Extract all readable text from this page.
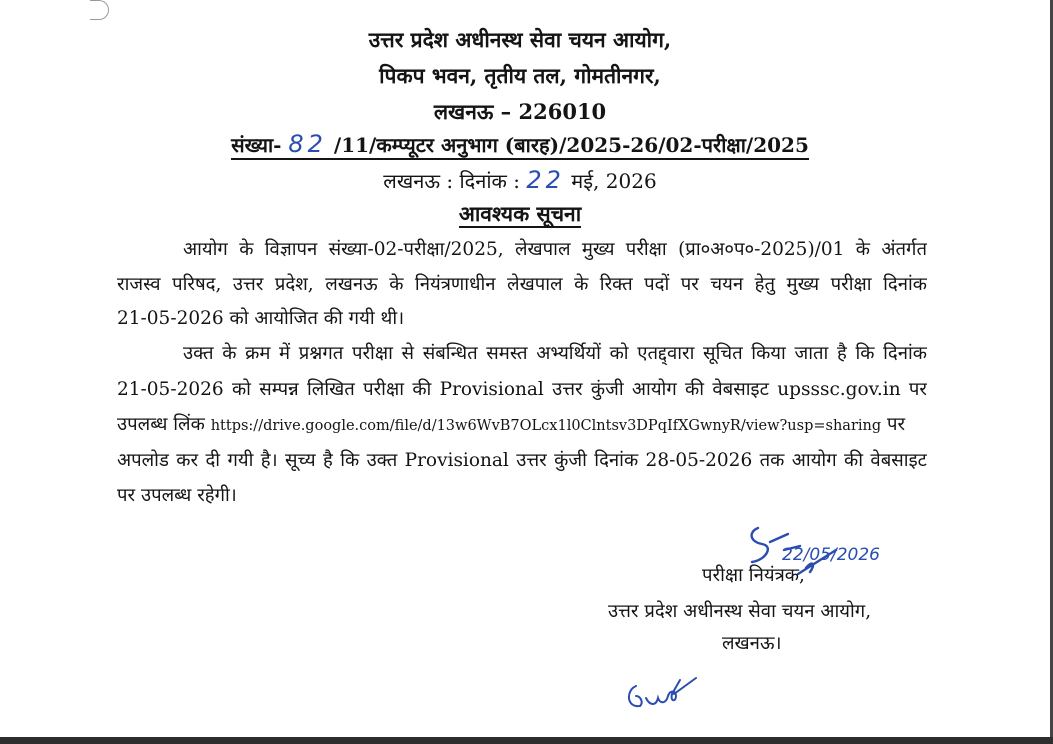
उत्तर प्रदेश अधीनस्थ सेवा चयन आयोग,
पिकप भवन, तृतीय तल, गोमतीनगर,
लखनऊ – 226010
संख्या- 82 /11/कम्प्यूटर अनुभाग (बारह)/2025-26/02-परीक्षा/2025
लखनऊ : दिनांक : 22 मई, 2026
आवश्यक सूचना
आयोग के विज्ञापन संख्या-02-परीक्षा/2025, लेखपाल मुख्य परीक्षा (प्रा०अ०प०-2025)/01 के अंतर्गत
राजस्व परिषद, उत्तर प्रदेश, लखनऊ के नियंत्रणाधीन लेखपाल के रिक्त पदों पर चयन हेतु मुख्य परीक्षा दिनांक
21-05-2026 को आयोजित की गयी थी।
उक्त के क्रम में प्रश्नगत परीक्षा से संबन्धित समस्त अभ्यर्थियों को एतद्द्वारा सूचित किया जाता है कि दिनांक
21-05-2026 को सम्पन्न लिखित परीक्षा की Provisional उत्तर कुंजी आयोग की वेबसाइट upsssc.gov.in पर
उपलब्ध लिंक https://drive.google.com/file/d/13w6WvB7OLcx1l0Clntsv3DPqIfXGwnyR/view?usp=sharing पर
अपलोड कर दी गयी है। सूच्य है कि उक्त Provisional उत्तर कुंजी दिनांक 28-05-2026 तक आयोग की वेबसाइट
पर उपलब्ध रहेगी।
22/05/2026
परीक्षा नियंत्रक,
उत्तर प्रदेश अधीनस्थ सेवा चयन आयोग,
लखनऊ।
